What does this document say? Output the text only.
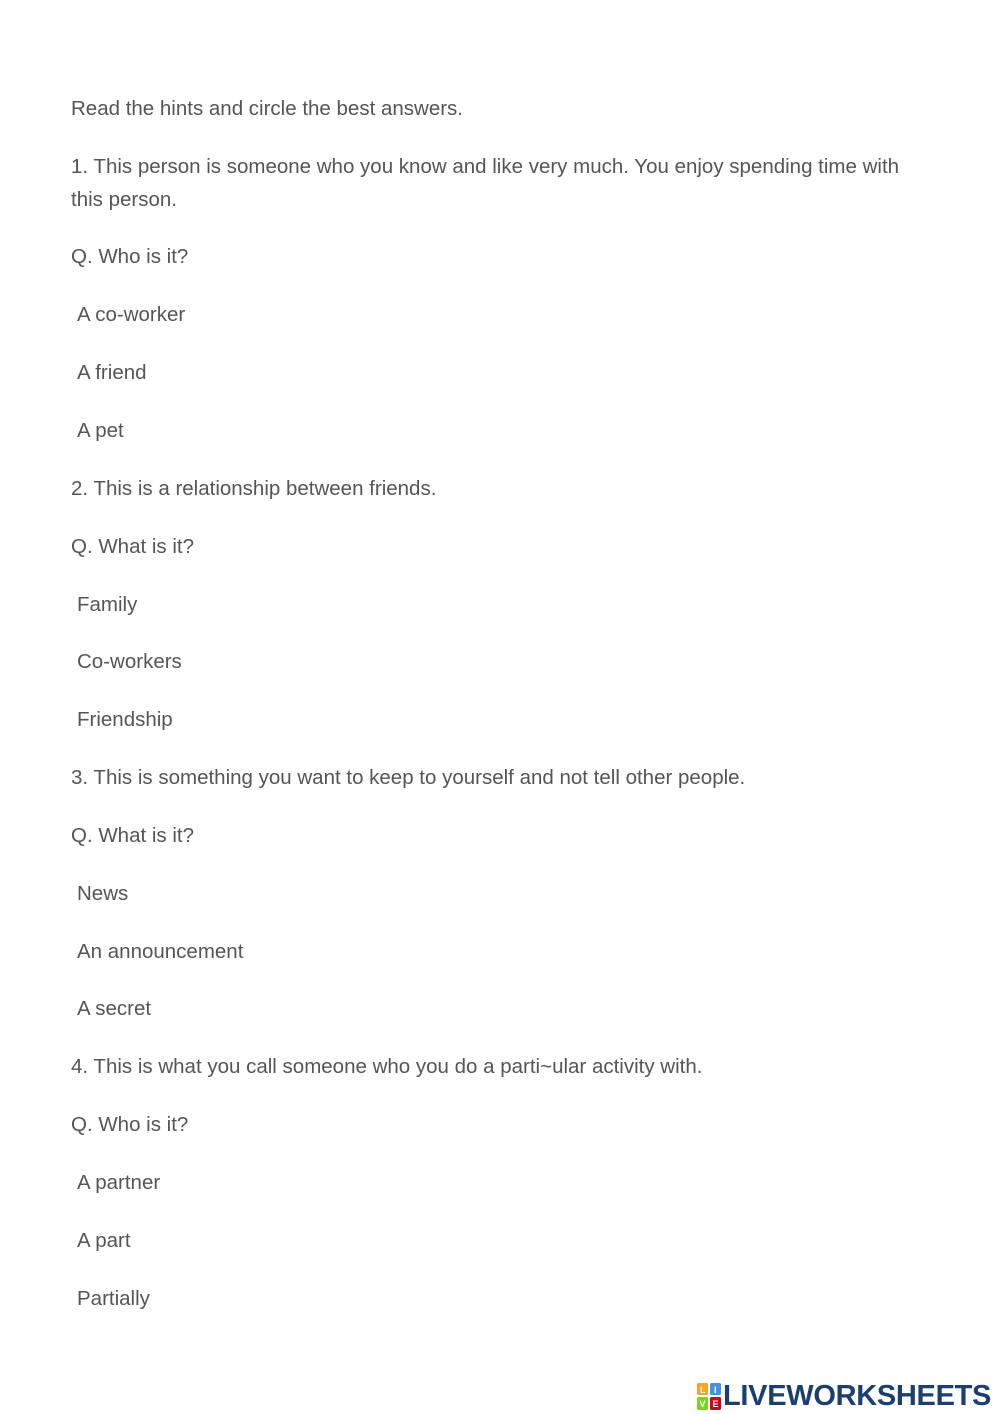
Read the hints and circle the best answers.
1. This person is someone who you know and like very much. You enjoy spending time with this person.
Q. Who is it?
A co-worker
A friend
A pet
2. This is a relationship between friends.
Q. What is it?
Family
Co-workers
Friendship
3. This is something you want to keep to yourself and not tell other people.
Q. What is it?
News
An announcement
A secret
4. This is what you call someone who you do a parti~ular activity with.
Q. Who is it?
A partner
A part
Partially
L I
V E LIVEWORKSHEETS
